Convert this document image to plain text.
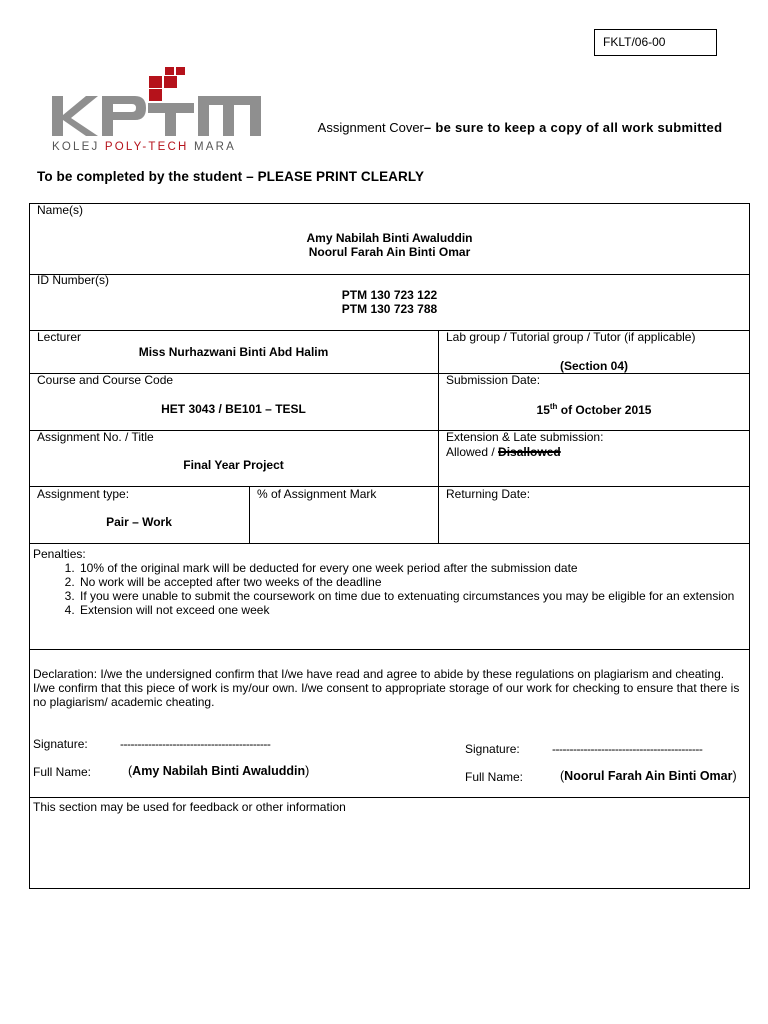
FKLT/06-00
KOLEJ POLY-TECH MARA
Assignment Cover– be sure to keep a copy of all work submitted
To be completed by the student – PLEASE PRINT CLEARLY
Name(s)
Amy Nabilah Binti Awaluddin
Noorul Farah Ain Binti Omar
ID Number(s)
PTM 130 723 122
PTM 130 723 788
Lecturer
Miss Nurhazwani Binti Abd Halim
Lab group / Tutorial group / Tutor (if applicable)
(Section 04)
Course and Course Code
HET 3043 / BE101 – TESL
Submission Date:
15th of October 2015
Assignment No. / Title
Final Year Project
Extension & Late submission:
Allowed / Disallowed
Assignment type:
Pair – Work
% of Assignment Mark	Returning Date:
Penalties:
1. 10% of the original mark will be deducted for every one week period after the submission date
2. No work will be accepted after two weeks of the deadline
3. If you were unable to submit the coursework on time due to extenuating circumstances you may be eligible for an extension
4. Extension will not exceed one week
Declaration: I/we the undersigned confirm that I/we have read and agree to abide by these regulations on plagiarism and cheating. I/we confirm that this piece of work is my/our own. I/we consent to appropriate storage of our work for checking to ensure that there is no plagiarism/ academic cheating.
Signature:	-------------------------------------------
Full Name:	(Amy Nabilah Binti Awaluddin)
Signature:	-------------------------------------------
Full Name:	(Noorul Farah Ain Binti Omar)
This section may be used for feedback or other information
